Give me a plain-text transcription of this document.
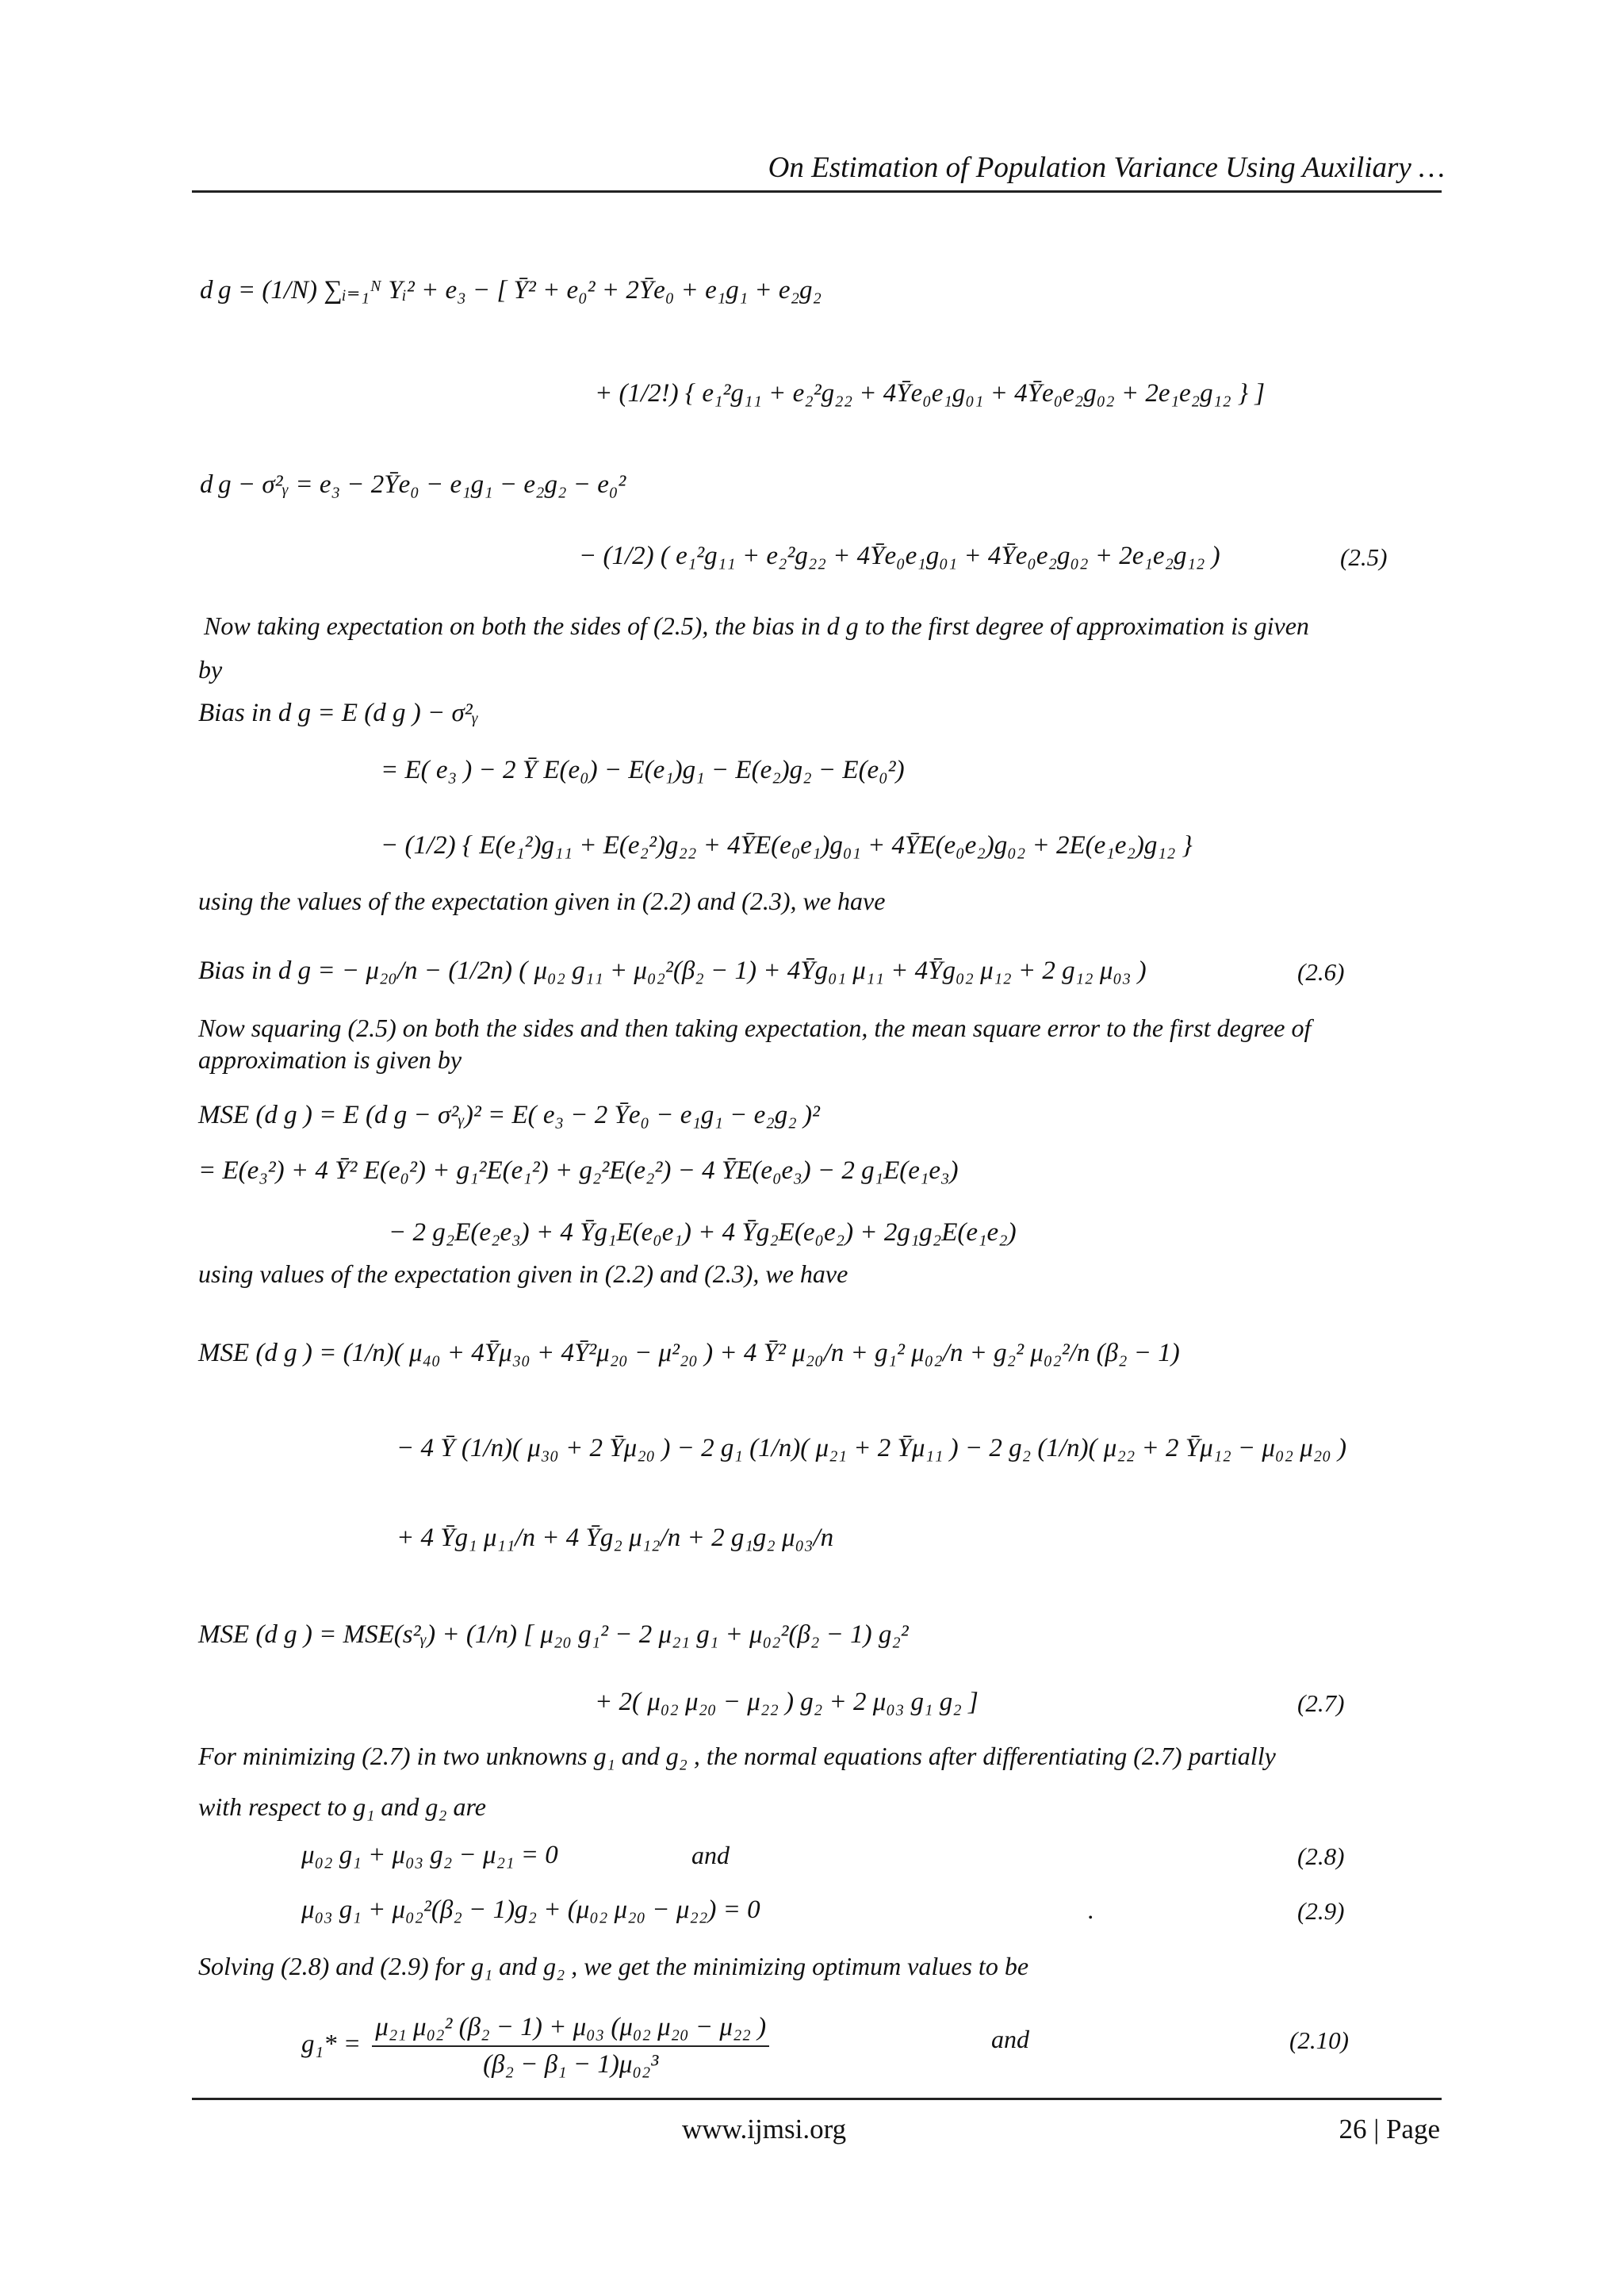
On Estimation of Population Variance Using Auxiliary …
d g = (1/N) ∑ᵢ₌₁ᴺ Yᵢ² + e₃ − [ Ȳ² + e₀² + 2Ȳe₀ + e₁g₁ + e₂g₂
+ (1/2!) { e₁²g₁₁ + e₂²g₂₂ + 4Ȳe₀e₁g₀₁ + 4Ȳe₀e₂g₀₂ + 2e₁e₂g₁₂ } ]
d g − σ²ᵧ = e₃ − 2Ȳe₀ − e₁g₁ − e₂g₂ − e₀²
− (1/2) ( e₁²g₁₁ + e₂²g₂₂ + 4Ȳe₀e₁g₀₁ + 4Ȳe₀e₂g₀₂ + 2e₁e₂g₁₂ )	(2.5)
Now taking expectation on both the sides of (2.5), the bias in d g to the first degree of approximation is given
by
Bias in d g = E (d g ) − σ²ᵧ
= E( e₃ ) − 2 Ȳ E(e₀) − E(e₁)g₁ − E(e₂)g₂ − E(e₀²)
− (1/2) { E(e₁²)g₁₁ + E(e₂²)g₂₂ + 4ȲE(e₀e₁)g₀₁ + 4ȲE(e₀e₂)g₀₂ + 2E(e₁e₂)g₁₂ }
using the values of the expectation given in (2.2) and (2.3), we have
Bias in d g = − μ₂₀/n − (1/2n) ( μ₀₂ g₁₁ + μ₀₂²(β₂ − 1) + 4Ȳg₀₁ μ₁₁ + 4Ȳg₀₂ μ₁₂ + 2 g₁₂ μ₀₃ )	(2.6)
Now squaring (2.5) on both the sides and then taking expectation, the mean square error to the first degree of
approximation is given by
MSE (d g ) = E (d g − σ²ᵧ)² = E( e₃ − 2 Ȳe₀ − e₁g₁ − e₂g₂ )²
= E(e₃²) + 4 Ȳ² E(e₀²) + g₁²E(e₁²) + g₂²E(e₂²) − 4 ȲE(e₀e₃) − 2 g₁E(e₁e₃)
− 2 g₂E(e₂e₃) + 4 Ȳg₁E(e₀e₁) + 4 Ȳg₂E(e₀e₂) + 2g₁g₂E(e₁e₂)
using values of the expectation given in (2.2) and (2.3), we have
MSE (d g ) = (1/n)( μ₄₀ + 4Ȳμ₃₀ + 4Ȳ²μ₂₀ − μ²₂₀ ) + 4 Ȳ² μ₂₀/n + g₁² μ₀₂/n + g₂² μ₀₂²/n (β₂ − 1)
− 4 Ȳ (1/n)( μ₃₀ + 2 Ȳμ₂₀ ) − 2 g₁ (1/n)( μ₂₁ + 2 Ȳμ₁₁ ) − 2 g₂ (1/n)( μ₂₂ + 2 Ȳμ₁₂ − μ₀₂ μ₂₀ )
+ 4 Ȳg₁ μ₁₁/n + 4 Ȳg₂ μ₁₂/n + 2 g₁g₂ μ₀₃/n
MSE (d g ) = MSE(s²ᵧ) + (1/n) [ μ₂₀ g₁² − 2 μ₂₁ g₁ + μ₀₂²(β₂ − 1) g₂²
+ 2( μ₀₂ μ₂₀ − μ₂₂ ) g₂ + 2 μ₀₃ g₁ g₂ ]	(2.7)
For minimizing (2.7) in two unknowns g₁ and g₂ , the normal equations after differentiating (2.7) partially
with respect to g₁ and g₂ are
μ₀₂ g₁ + μ₀₃ g₂ − μ₂₁ = 0	and	(2.8)
μ₀₃ g₁ + μ₀₂²(β₂ − 1)g₂ + (μ₀₂ μ₂₀ − μ₂₂) = 0	.	(2.9)
Solving (2.8) and (2.9) for g₁ and g₂ , we get the minimizing optimum values to be
$g_1* = \frac{\text{μ₂₁ μ₀₂² (β₂ − 1) + μ₀₃ (μ₀₂ μ₂₀ − μ₂₂ )}}{\text{(β₂ − β₁ − 1)μ₀₂³}}$	and	(2.10)
www.ijmsi.org	26 | Page
